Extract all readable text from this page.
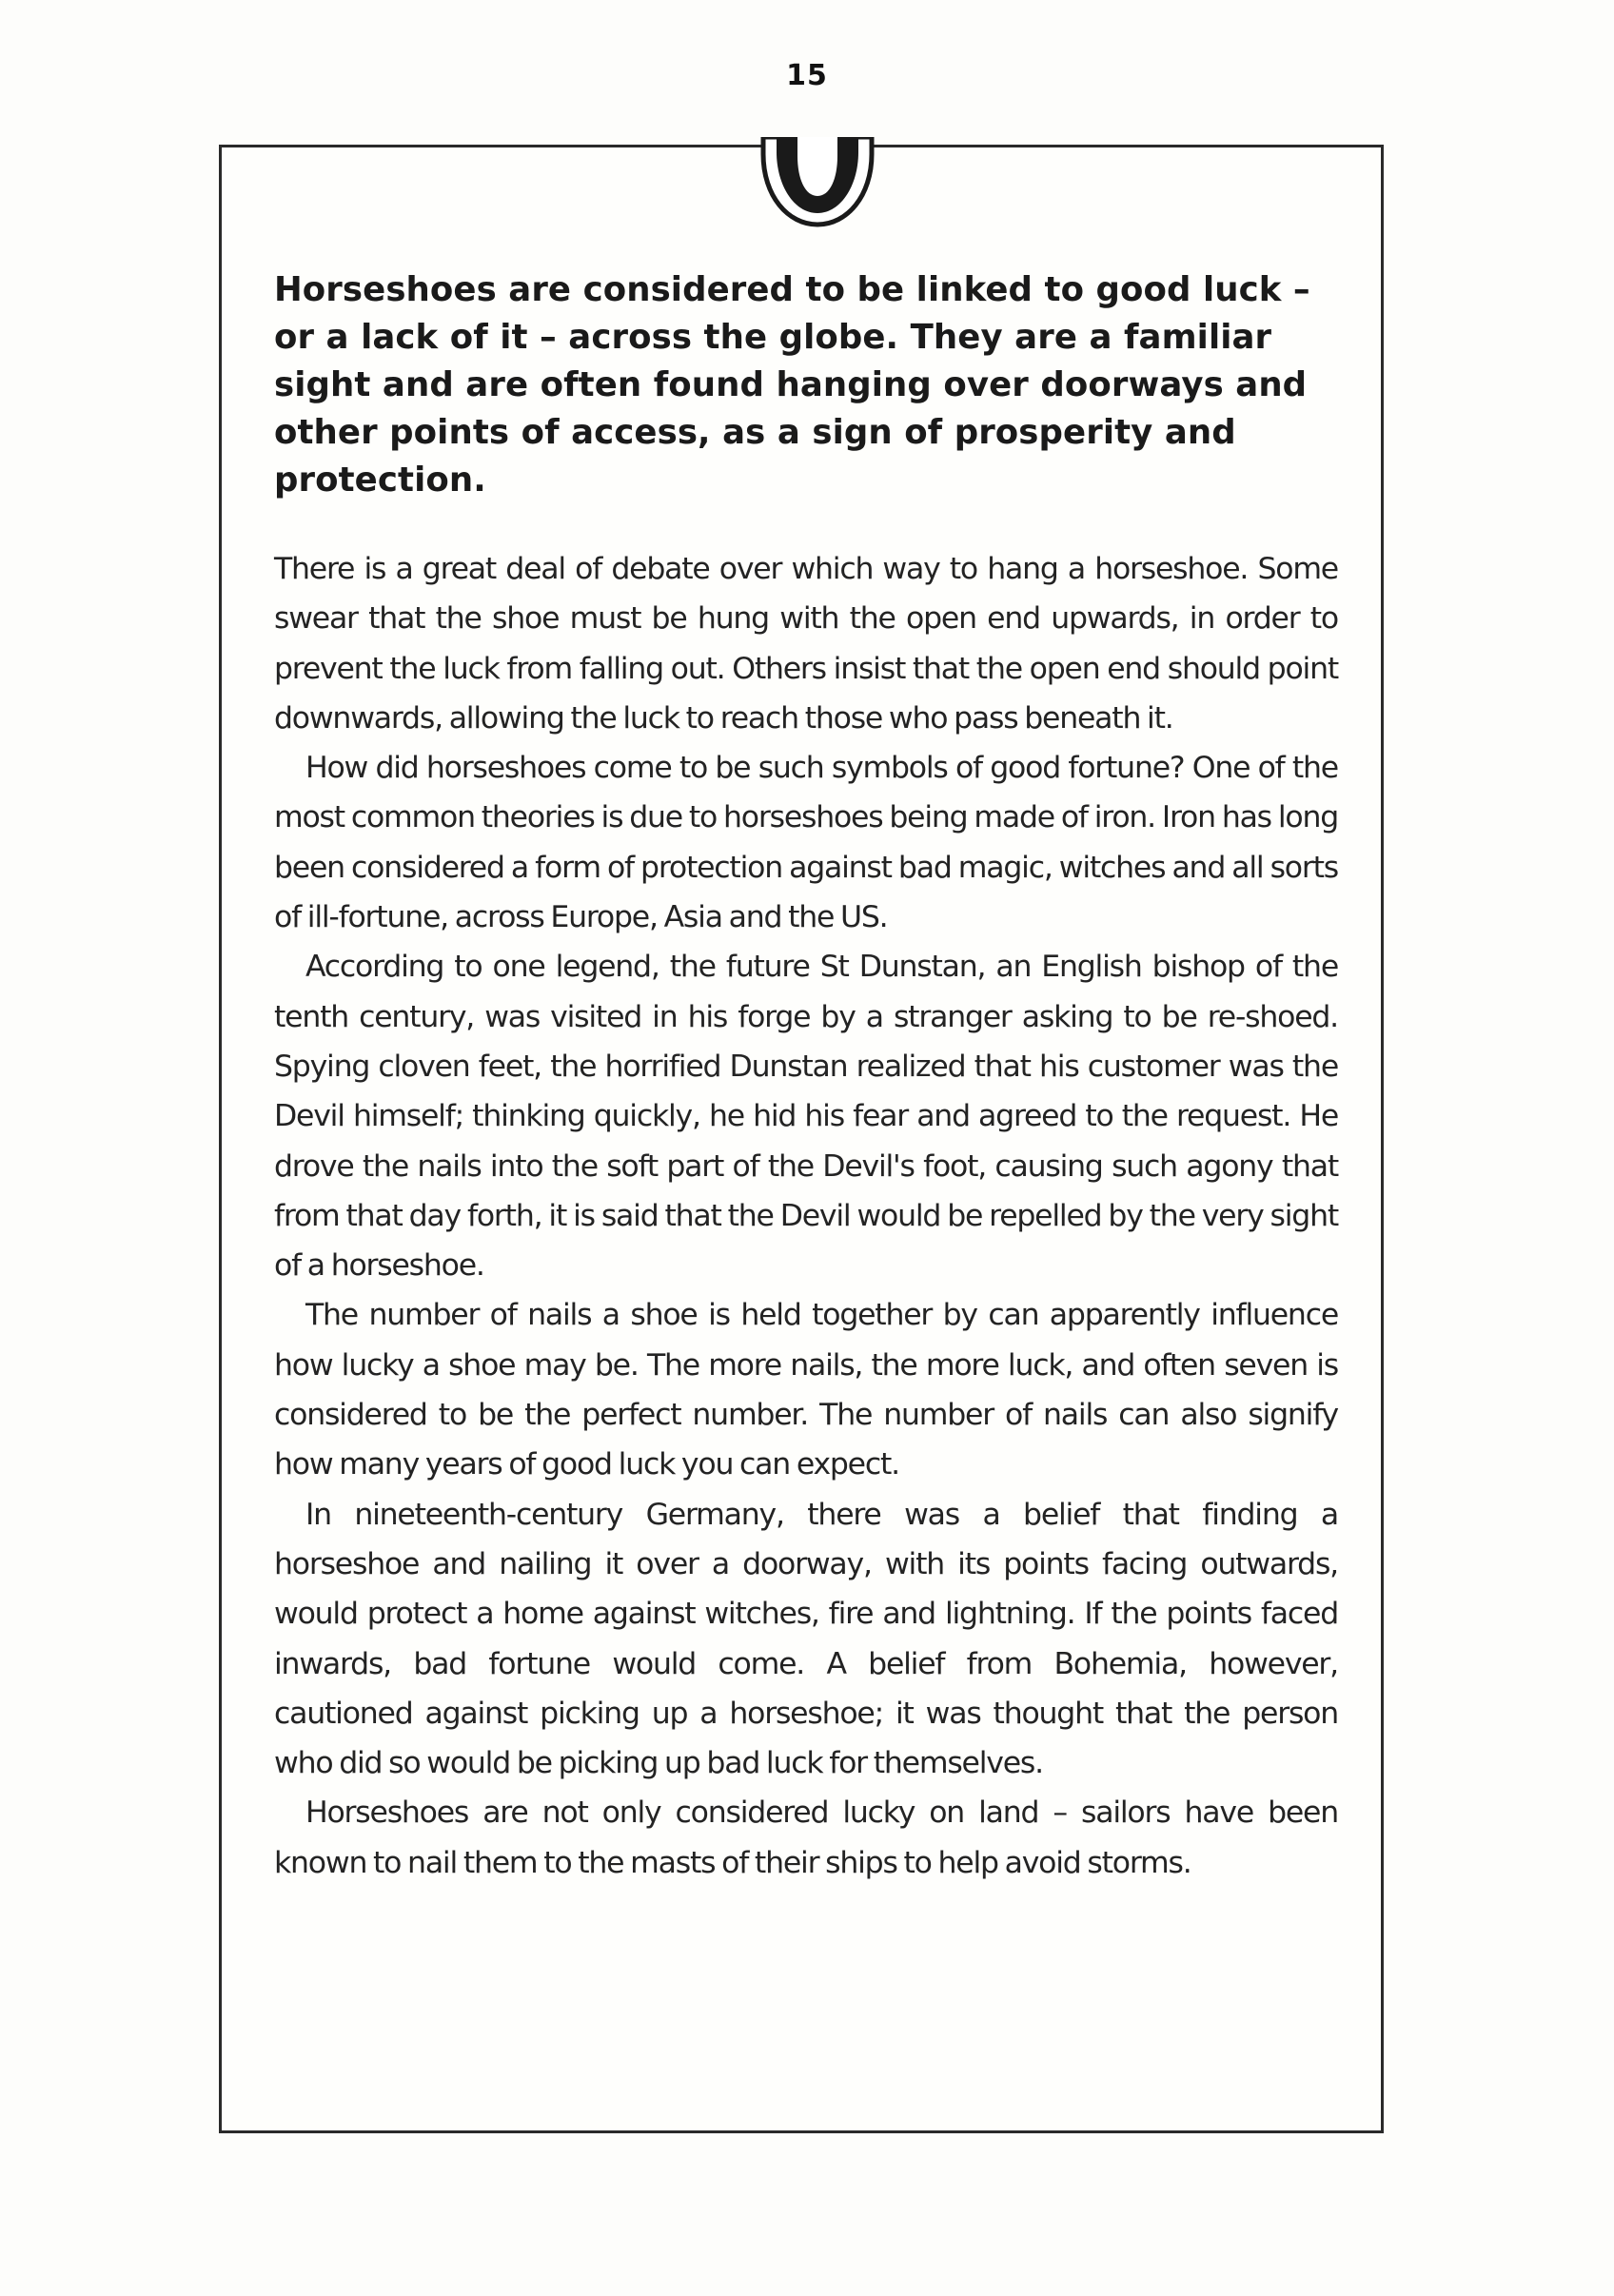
15

Horseshoes are considered to be linked to good luck – or a lack of it – across the globe. They are a familiar sight and are often found hanging over doorways and other points of access, as a sign of prosperity and protection.

There is a great deal of debate over which way to hang a horseshoe. Some swear that the shoe must be hung with the open end upwards, in order to prevent the luck from falling out. Others insist that the open end should point downwards, allowing the luck to reach those who pass beneath it.

How did horseshoes come to be such symbols of good fortune? One of the most common theories is due to horseshoes being made of iron. Iron has long been considered a form of protection against bad magic, witches and all sorts of ill-fortune, across Europe, Asia and the US.

According to one legend, the future St Dunstan, an English bishop of the tenth century, was visited in his forge by a stranger asking to be re-shoed. Spying cloven feet, the horrified Dunstan realized that his customer was the Devil himself; thinking quickly, he hid his fear and agreed to the request. He drove the nails into the soft part of the Devil's foot, causing such agony that from that day forth, it is said that the Devil would be repelled by the very sight of a horseshoe.

The number of nails a shoe is held together by can apparently influence how lucky a shoe may be. The more nails, the more luck, and often seven is considered to be the perfect number. The number of nails can also signify how many years of good luck you can expect.

In nineteenth-century Germany, there was a belief that finding a horseshoe and nailing it over a doorway, with its points facing outwards, would protect a home against witches, fire and lightning. If the points faced inwards, bad fortune would come. A belief from Bohemia, however, cautioned against picking up a horseshoe; it was thought that the person who did so would be picking up bad luck for themselves.

Horseshoes are not only considered lucky on land – sailors have been known to nail them to the masts of their ships to help avoid storms.
